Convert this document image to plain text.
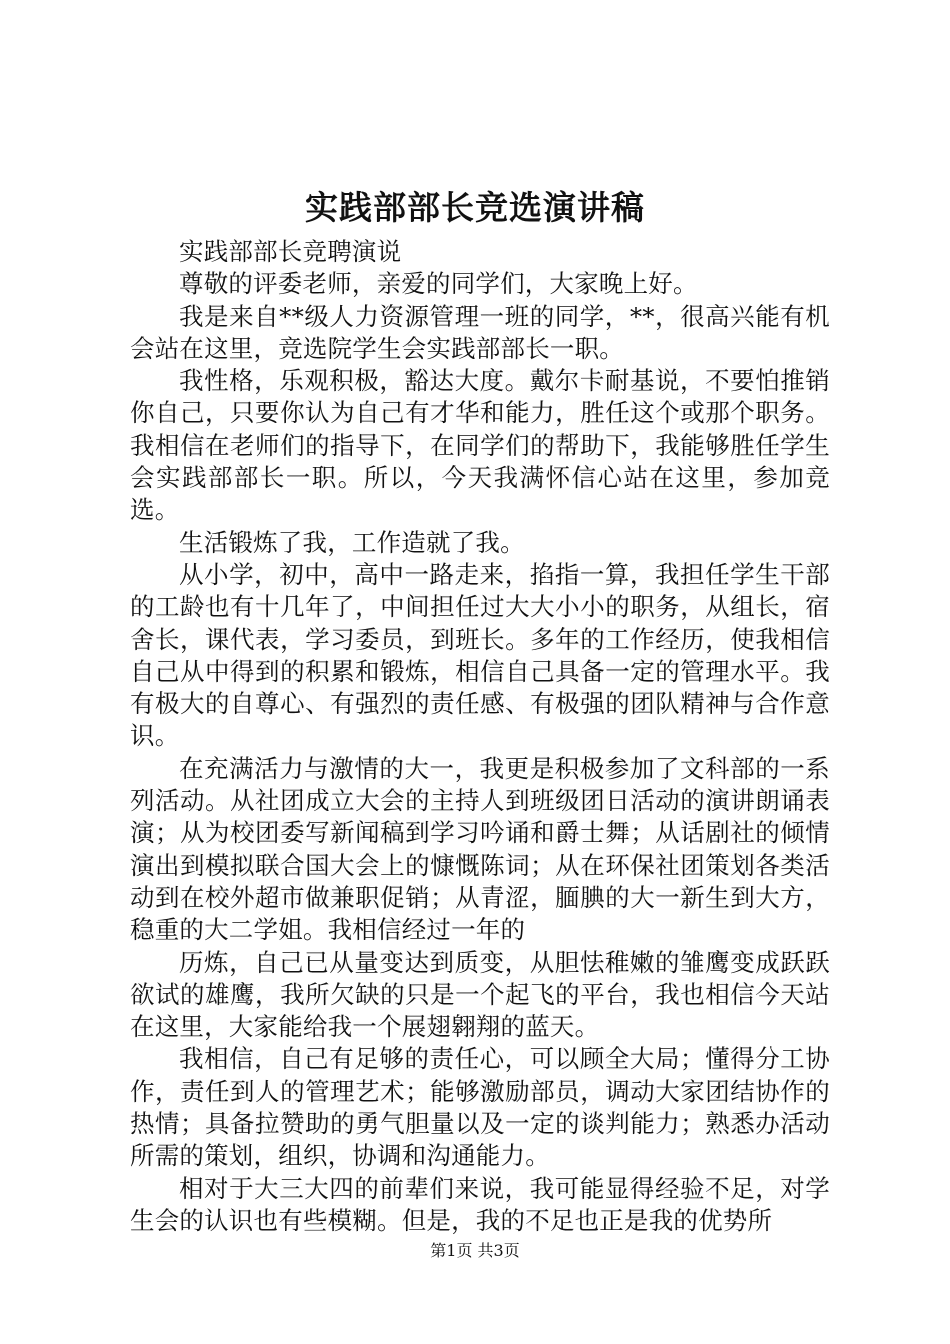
实践部部长竞选演讲稿

实践部部长竞聘演说

尊敬的评委老师，亲爱的同学们，大家晚上好。

我是来自**级人力资源管理一班的同学，**，很高兴能有机会站在这里，竞选院学生会实践部部长一职。

我性格，乐观积极，豁达大度。戴尔卡耐基说，不要怕推销你自己，只要你认为自己有才华和能力，胜任这个或那个职务。我相信在老师们的指导下，在同学们的帮助下，我能够胜任学生会实践部部长一职。所以，今天我满怀信心站在这里，参加竞选。

生活锻炼了我，工作造就了我。

从小学，初中，高中一路走来，掐指一算，我担任学生干部的工龄也有十几年了，中间担任过大大小小的职务，从组长，宿舍长，课代表，学习委员，到班长。多年的工作经历，使我相信自己从中得到的积累和锻炼，相信自己具备一定的管理水平。我有极大的自尊心、有强烈的责任感、有极强的团队精神与合作意识。

在充满活力与激情的大一，我更是积极参加了文科部的一系列活动。从社团成立大会的主持人到班级团日活动的演讲朗诵表演；从为校团委写新闻稿到学习吟诵和爵士舞；从话剧社的倾情演出到模拟联合国大会上的慷慨陈词；从在环保社团策划各类活动到在校外超市做兼职促销；从青涩，腼腆的大一新生到大方，稳重的大二学姐。我相信经过一年的

历炼，自己已从量变达到质变，从胆怯稚嫩的雏鹰变成跃跃欲试的雄鹰，我所欠缺的只是一个起飞的平台，我也相信今天站在这里，大家能给我一个展翅翱翔的蓝天。

我相信，自己有足够的责任心，可以顾全大局；懂得分工协作，责任到人的管理艺术；能够激励部员，调动大家团结协作的热情；具备拉赞助的勇气胆量以及一定的谈判能力；熟悉办活动所需的策划，组织，协调和沟通能力。

相对于大三大四的前辈们来说，我可能显得经验不足，对学生会的认识也有些模糊。但是，我的不足也正是我的优势所

第1页 共3页
